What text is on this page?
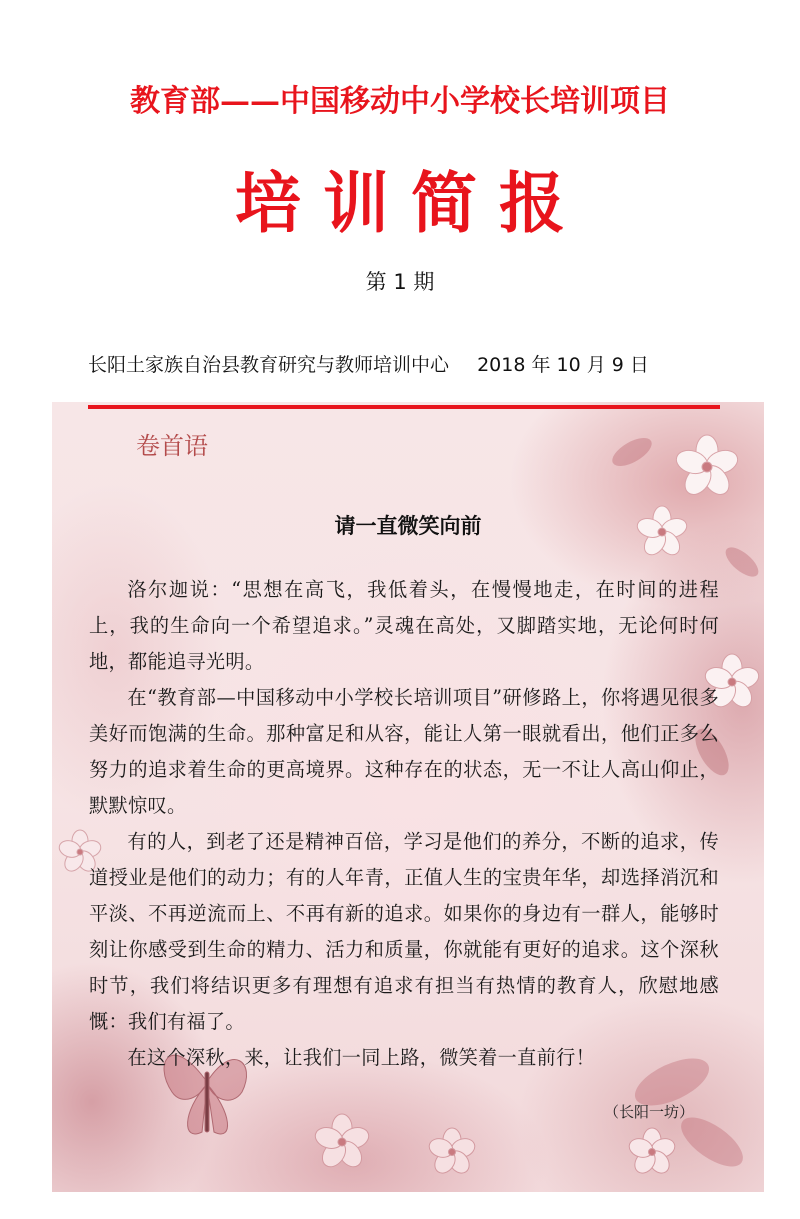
教育部——中国移动中小学校长培训项目
培训简报
第 1 期
长阳土家族自治县教育研究与教师培训中心 2018 年 10 月 9 日
卷首语
请一直微笑向前

洛尔迦说：“思想在高飞，我低着头，在慢慢地走，在时间的进程上，我的生命向一个希望追求。”灵魂在高处，又脚踏实地，无论何时何地，都能追寻光明。

在“教育部—中国移动中小学校长培训项目”研修路上，你将遇见很多美好而饱满的生命。那种富足和从容，能让人第一眼就看出，他们正多么努力的追求着生命的更高境界。这种存在的状态，无一不让人高山仰止，默默惊叹。

有的人，到老了还是精神百倍，学习是他们的养分，不断的追求，传道授业是他们的动力；有的人年青，正值人生的宝贵年华，却选择消沉和平淡、不再逆流而上、不再有新的追求。如果你的身边有一群人，能够时刻让你感受到生命的精力、活力和质量，你就能有更好的追求。这个深秋时节，我们将结识更多有理想有追求有担当有热情的教育人，欣慰地感慨：我们有福了。

在这个深秋，来，让我们一同上路，微笑着一直前行！

（长阳一坊）
